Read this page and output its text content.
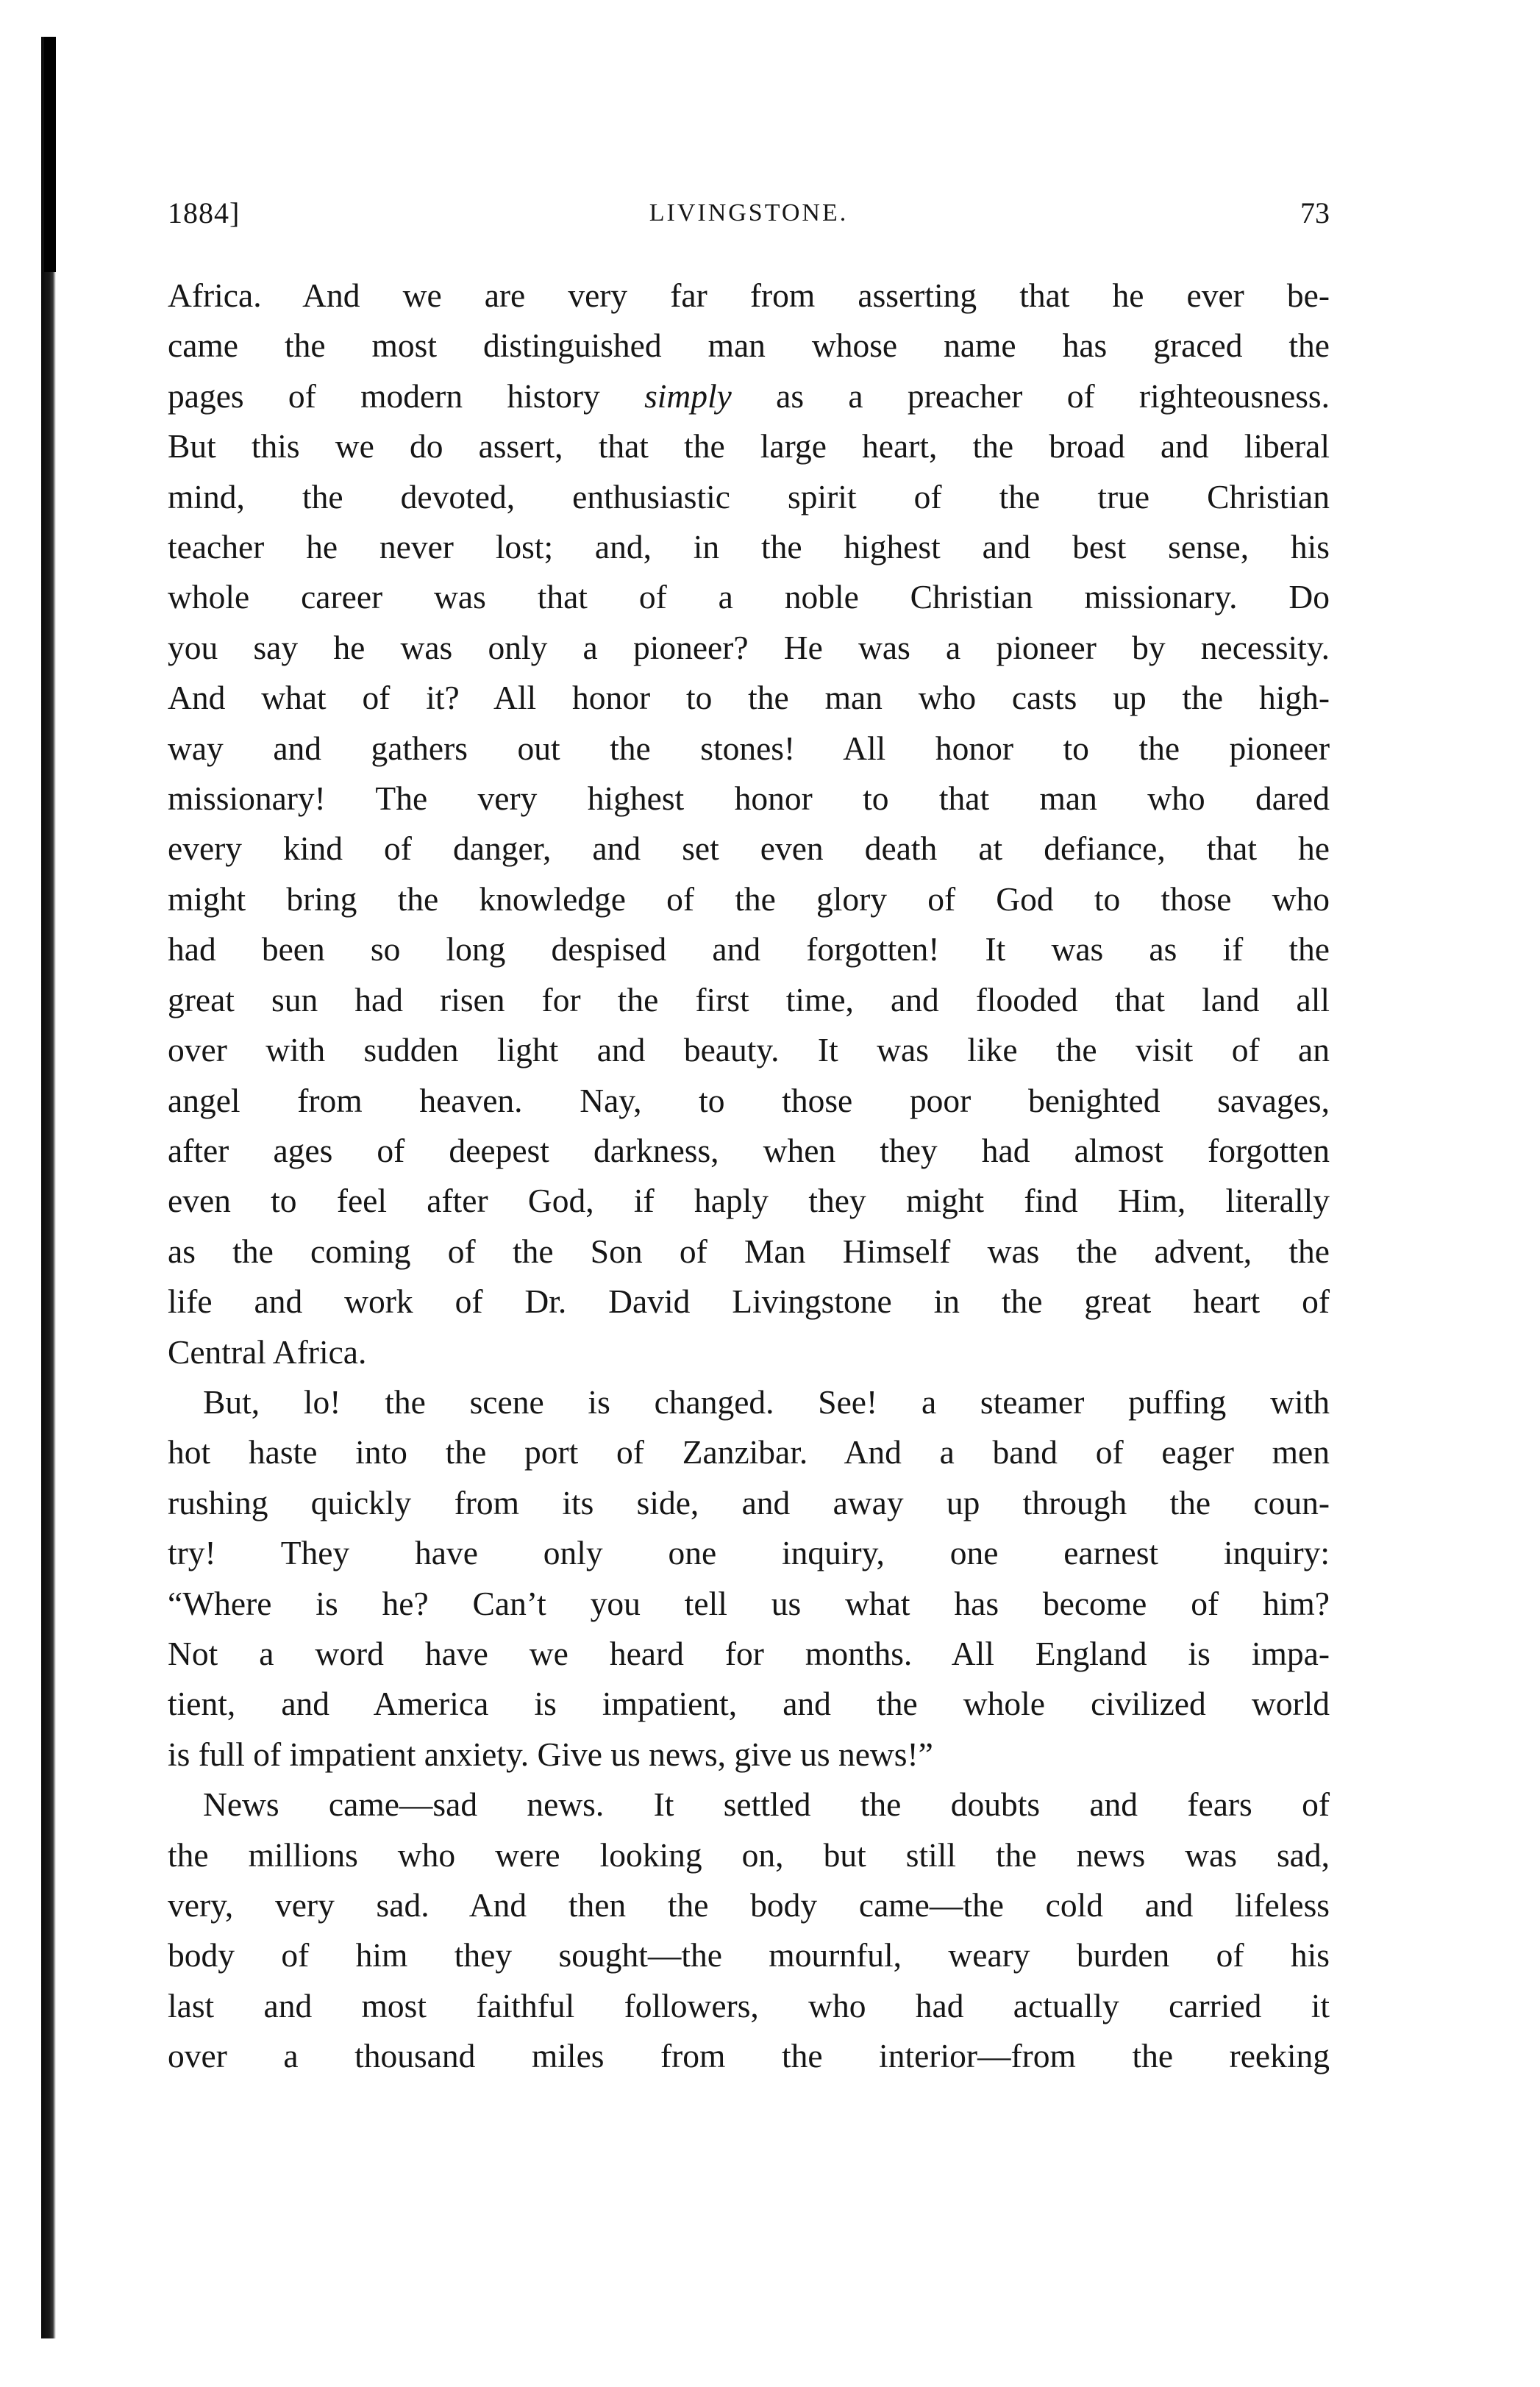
1884]	LIVINGSTONE.	73

Africa. And we are very far from asserting that he ever be-
came the most distinguished man whose name has graced the
pages of modern history simply as a preacher of righteousness.
But this we do assert, that the large heart, the broad and liberal
mind, the devoted, enthusiastic spirit of the true Christian
teacher he never lost; and, in the highest and best sense, his
whole career was that of a noble Christian missionary. Do
you say he was only a pioneer? He was a pioneer by necessity.
And what of it? All honor to the man who casts up the high-
way and gathers out the stones! All honor to the pioneer
missionary! The very highest honor to that man who dared
every kind of danger, and set even death at defiance, that he
might bring the knowledge of the glory of God to those who
had been so long despised and forgotten! It was as if the
great sun had risen for the first time, and flooded that land all
over with sudden light and beauty. It was like the visit of an
angel from heaven. Nay, to those poor benighted savages,
after ages of deepest darkness, when they had almost forgotten
even to feel after God, if haply they might find Him, literally
as the coming of the Son of Man Himself was the advent, the
life and work of Dr. David Livingstone in the great heart of
Central Africa.

But, lo! the scene is changed. See! a steamer puffing with
hot haste into the port of Zanzibar. And a band of eager men
rushing quickly from its side, and away up through the coun-
try! They have only one inquiry, one earnest inquiry:
“Where is he? Can’t you tell us what has become of him?
Not a word have we heard for months. All England is impa-
tient, and America is impatient, and the whole civilized world
is full of impatient anxiety. Give us news, give us news!”

News came—sad news. It settled the doubts and fears of
the millions who were looking on, but still the news was sad,
very, very sad. And then the body came—the cold and lifeless
body of him they sought—the mournful, weary burden of his
last and most faithful followers, who had actually carried it
over a thousand miles from the interior—from the reeking
